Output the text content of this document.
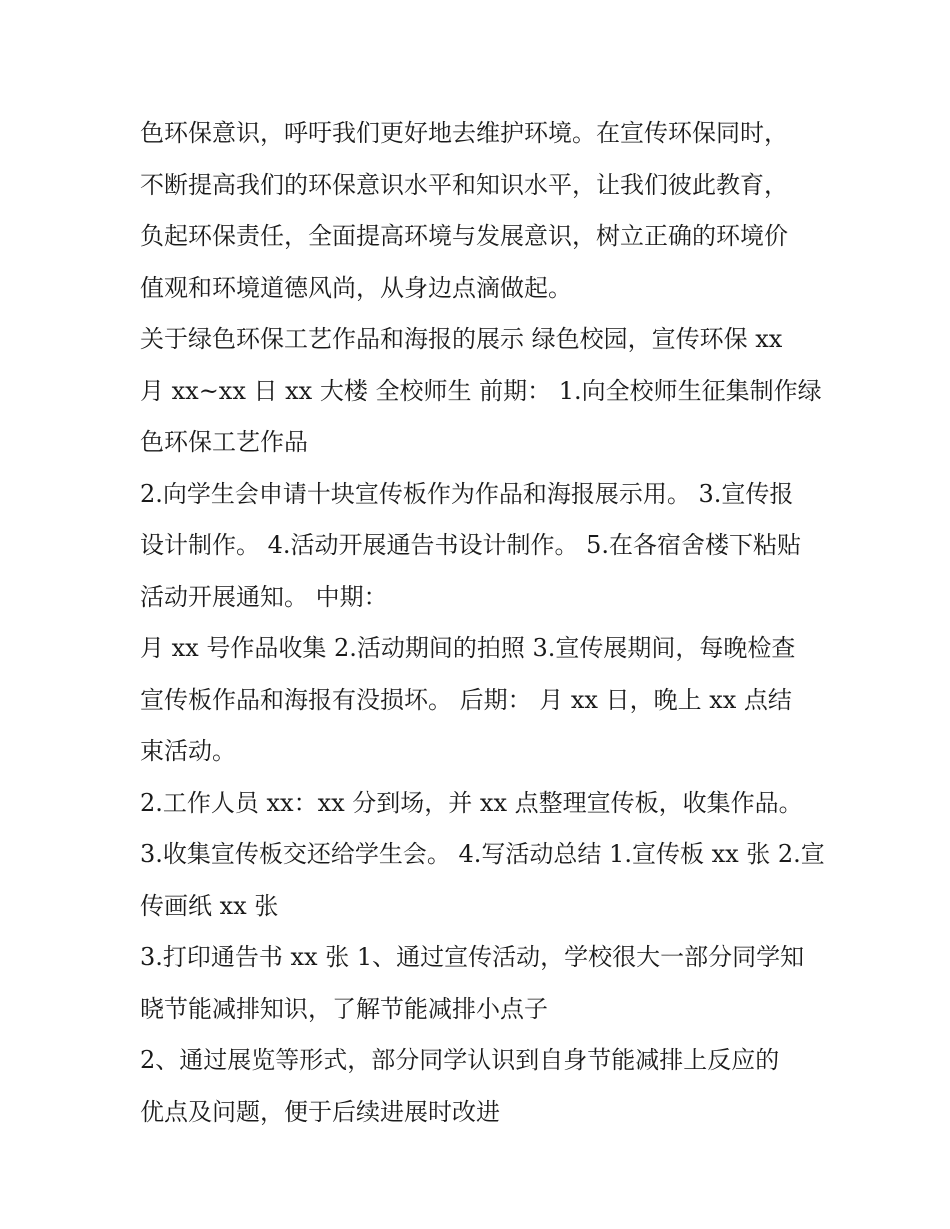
色环保意识，呼吁我们更好地去维护环境。在宣传环保同时，
不断提高我们的环保意识水平和知识水平，让我们彼此教育，
负起环保责任，全面提高环境与发展意识，树立正确的环境价
值观和环境道德风尚，从身边点滴做起。
关于绿色环保工艺作品和海报的展示 绿色校园，宣传环保 xx
月 xx~xx 日 xx 大楼 全校师生 前期： 1.向全校师生征集制作绿
色环保工艺作品
2.向学生会申请十块宣传板作为作品和海报展示用。 3.宣传报
设计制作。 4.活动开展通告书设计制作。 5.在各宿舍楼下粘贴
活动开展通知。 中期：
月 xx 号作品收集 2.活动期间的拍照 3.宣传展期间，每晚检查
宣传板作品和海报有没损坏。 后期： 月 xx 日，晚上 xx 点结
束活动。
2.工作人员 xx：xx 分到场，并 xx 点整理宣传板，收集作品。
3.收集宣传板交还给学生会。 4.写活动总结 1.宣传板 xx 张 2.宣
传画纸 xx 张
3.打印通告书 xx 张 1、通过宣传活动，学校很大一部分同学知
晓节能减排知识，了解节能减排小点子
2、通过展览等形式，部分同学认识到自身节能减排上反应的
优点及问题，便于后续进展时改进
